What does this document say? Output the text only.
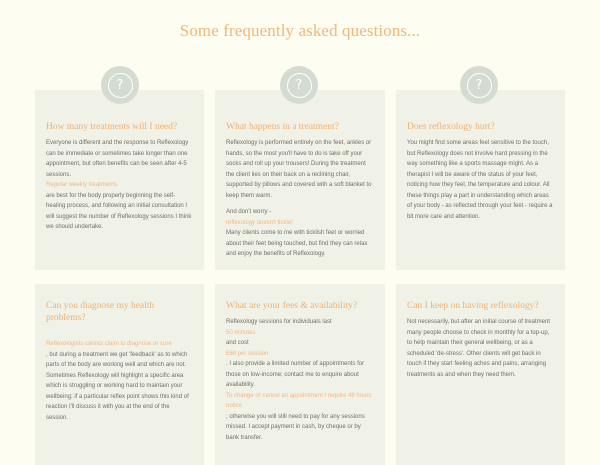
Some frequently asked questions...
?	?	?
How many treatments will I need?

Everyone is different and the response to Reflexology can be immediate or sometimes take longer than one appointment, but often benefits can be seen after 4-5 sessions.

Regular weekly treatments

are best for the body properly beginning the self-healing process, and following an initial consultation I will suggest the number of Reflexology sessions I think we should undertake.

What happens in a treatment?

Reflexology is performed entirely on the feet, ankles or hands, so the most you'll have to do is take off your socks and roll up your trousers! During the treatment the client lies on their back on a reclining chair, supported by pillows and covered with a soft blanket to keep them warm.

And don't worry -

reflexology doesn't tickle!

Many clients come to me with ticklish feet or worried about their feet being touched, but find they can relax and enjoy the benefits of Reflexology.

Does reflexology hurt?

You might find some areas feel sensitive to the touch, but Reflexology does not involve hard pressing in the way something like a sports massage might. As a therapist I will be aware of the status of your feet, noticing how they feel, the temperature and colour. All these things play a part in understanding which areas of your body - as reflected through your feet - require a bit more care and attention.

Can you diagnose my health problems?

Reflexologists cannot claim to diagnose or cure

, but during a treatment we get 'feedback' as to which parts of the body are working well and which are not. Sometimes Reflexology will highlight a specific area which is struggling or working hard to maintain your wellbeing; if a particular reflex point shows this kind of reaction I'll discuss it with you at the end of the session.

What are your fees & availability?

Reflexology sessions for individuals last

50 minutes

and cost

£68 per session

. I also provide a limited number of appointments for those on low-income; contact me to enquire about availability.

To change or cancel an appointment I require 48 hours notice

; otherwise you will still need to pay for any sessions missed. I accept payment in cash, by cheque or by bank transfer.

Can I keep on having reflexology?

Not necessarily, but after an initial course of treatment many people choose to check in monthly for a top-up, to help maintain their general wellbeing, or as a scheduled 'de-stress'. Other clients will get back in touch if they start feeling aches and pains, arranging treatments as and when they need them.
